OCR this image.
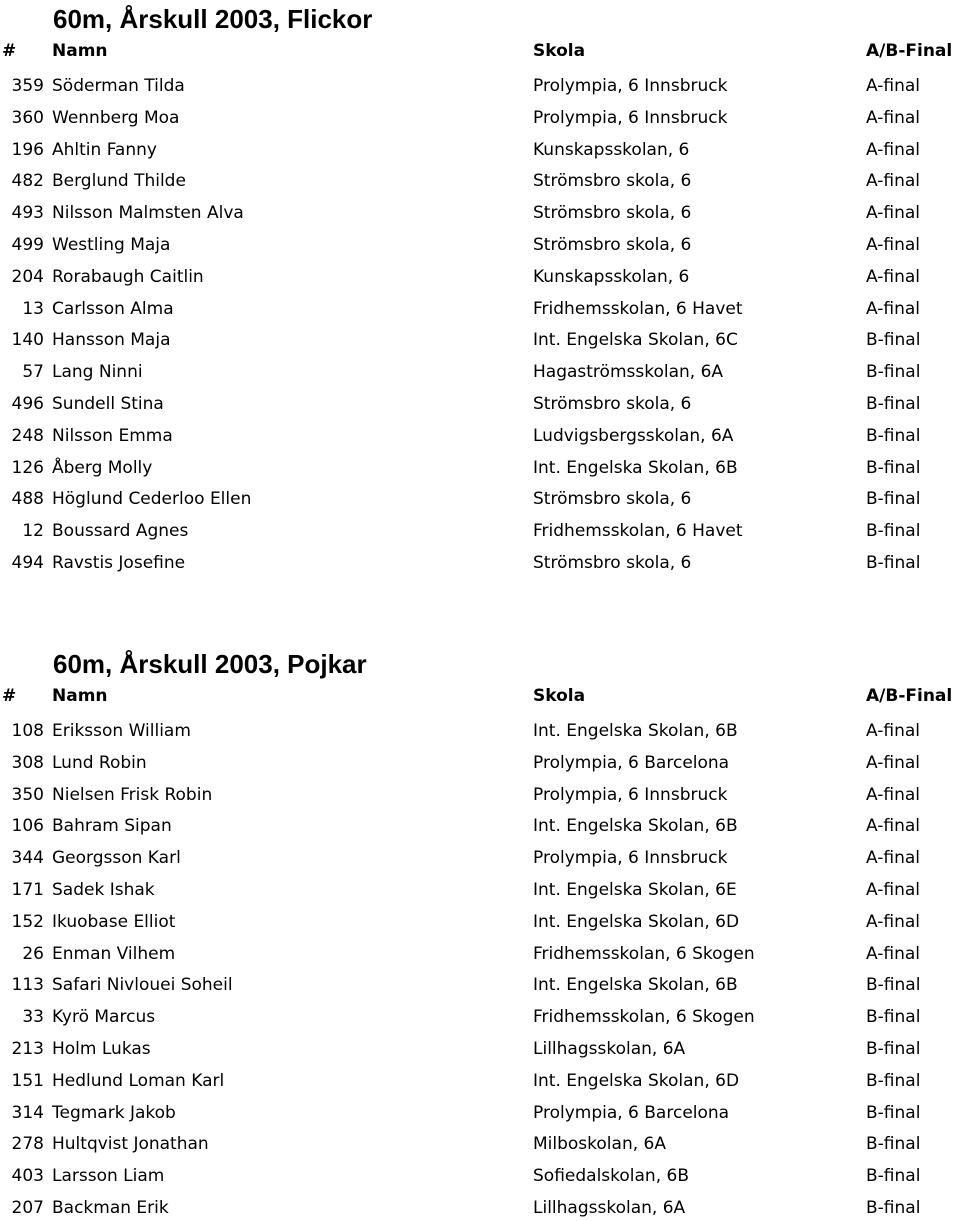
60m, Årskull 2003, Flickor
# Namn	Skola	A/B-Final
359 Söderman Tilda	Prolympia, 6 Innsbruck	A-final
360 Wennberg Moa	Prolympia, 6 Innsbruck	A-final
196 Ahltin Fanny	Kunskapsskolan, 6	A-final
482 Berglund Thilde	Strömsbro skola, 6	A-final
493 Nilsson Malmsten Alva	Strömsbro skola, 6	A-final
499 Westling Maja	Strömsbro skola, 6	A-final
204 Rorabaugh Caitlin	Kunskapsskolan, 6	A-final
13 Carlsson Alma	Fridhemsskolan, 6 Havet	A-final
140 Hansson Maja	Int. Engelska Skolan, 6C	B-final
57 Lang Ninni	Hagaströmsskolan, 6A	B-final
496 Sundell Stina	Strömsbro skola, 6	B-final
248 Nilsson Emma	Ludvigsbergsskolan, 6A	B-final
126 Åberg Molly	Int. Engelska Skolan, 6B	B-final
488 Höglund Cederloo Ellen	Strömsbro skola, 6	B-final
12 Boussard Agnes	Fridhemsskolan, 6 Havet	B-final
494 Ravstis Josefine	Strömsbro skola, 6	B-final
60m, Årskull 2003, Pojkar
# Namn	Skola	A/B-Final
108 Eriksson William	Int. Engelska Skolan, 6B	A-final
308 Lund Robin	Prolympia, 6 Barcelona	A-final
350 Nielsen Frisk Robin	Prolympia, 6 Innsbruck	A-final
106 Bahram Sipan	Int. Engelska Skolan, 6B	A-final
344 Georgsson Karl	Prolympia, 6 Innsbruck	A-final
171 Sadek Ishak	Int. Engelska Skolan, 6E	A-final
152 Ikuobase Elliot	Int. Engelska Skolan, 6D	A-final
26 Enman Vilhem	Fridhemsskolan, 6 Skogen	A-final
113 Safari Nivlouei Soheil	Int. Engelska Skolan, 6B	B-final
33 Kyrö Marcus	Fridhemsskolan, 6 Skogen	B-final
213 Holm Lukas	Lillhagsskolan, 6A	B-final
151 Hedlund Loman Karl	Int. Engelska Skolan, 6D	B-final
314 Tegmark Jakob	Prolympia, 6 Barcelona	B-final
278 Hultqvist Jonathan	Milboskolan, 6A	B-final
403 Larsson Liam	Sofiedalskolan, 6B	B-final
207 Backman Erik	Lillhagsskolan, 6A	B-final
